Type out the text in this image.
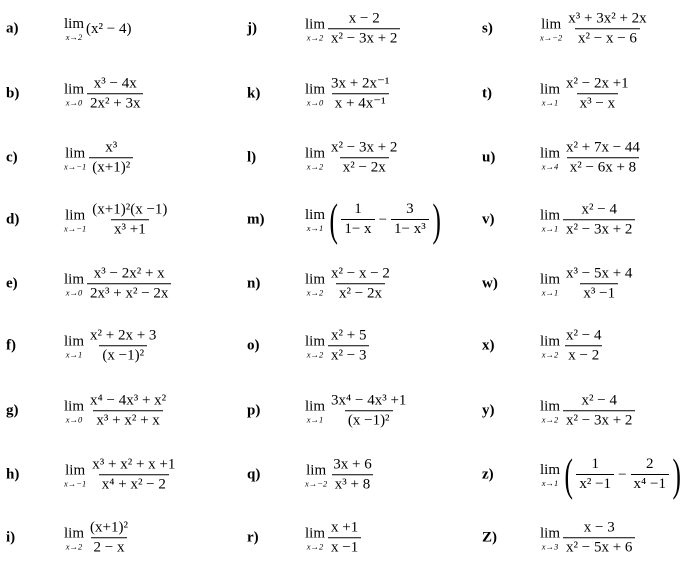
a)	lim
x→2
(x² − 4)
b)	lim
$x\to 0 \frac{\text{x³ − 4x}}{\text{2x² + 3x}}$
c)	lim
$x\to-1 \frac{\text{x³}}{\text{(x+1)²}}$
d)	lim
$x\to-1 \frac{\text{(x+1)²(x −1)}}{\text{x³ +1}}$
e)	lim
$x\to 0 \frac{\text{x³ − 2x² + x}}{\text{2x³ + x² − 2x}}$
f)	lim
$x\to 1 \frac{\text{x² + 2x + 3}}{\text{(x −1)²}}$
g)	lim
$x\to 0 \frac{\text{x⁴ − 4x³ + x²}}{\text{x³ + x² + x}}$
h)	lim
$x\to-1 \frac{\text{x³ + x² + x +1}}{\text{x⁴ + x² − 2}}$
i)	lim
$x\to 2 \frac{\text{(x+1)²}}{2 - x}$
j)	lim
$x\to 2 \frac{x - 2}{\text{x² − 3x + 2}}$
k)	lim
$x\to 0 \frac{\text{3x + 2x⁻¹}}{\text{x + 4x⁻¹}}$
l)	lim
$x\to 2 \frac{\text{x² − 3x + 2}}{\text{x² − 2x}}$
m)	lim
x→1 ( $\frac{1}{1- x} - \frac{3}{\text{1− x³}}$ )
n)	lim
$x\to 2 \frac{\text{x² − x − 2}}{\text{x² − 2x}}$
o)	lim
$x\to 2 \frac{\text{x² + 5}}{\text{x² − 3}}$
p)	lim
$x\to 1 \frac{\text{3x⁴ − 4x³ +1}}{\text{(x −1)²}}$
q)	lim
$x\to-2 \frac{3x + 6}{\text{x³ + 8}}$
r)	lim
$x\to 2 \frac{x +1}{x -1}$
s)	lim
$x\to-2 \frac{\text{x³ + 3x² + 2x}}{\text{x² − x − 6}}$
t)	lim
$x\to 1 \frac{\text{x² − 2x +1}}{\text{x³ − x}}$
u)	lim
$x\to 4 \frac{\text{x² + 7x − 44}}{\text{x² − 6x + 8}}$
v)	lim
$x\to 1 \frac{\text{x² − 4}}{\text{x² − 3x + 2}}$
w)	lim
$x\to 1 \frac{\text{x³ − 5x + 4}}{\text{x³ −1}}$
x)	lim
$x\to 2 \frac{\text{x² − 4}}{x - 2}$
y)	lim
$x\to 2 \frac{\text{x² − 4}}{\text{x² − 3x + 2}}$
z)	lim
x→1 ( $\frac{1}{\text{x² −1}} - \frac{2}{\text{x⁴ −1}}$ )
Z)	lim
$x\to 3 \frac{x - 3}{\text{x² − 5x + 6}}$
